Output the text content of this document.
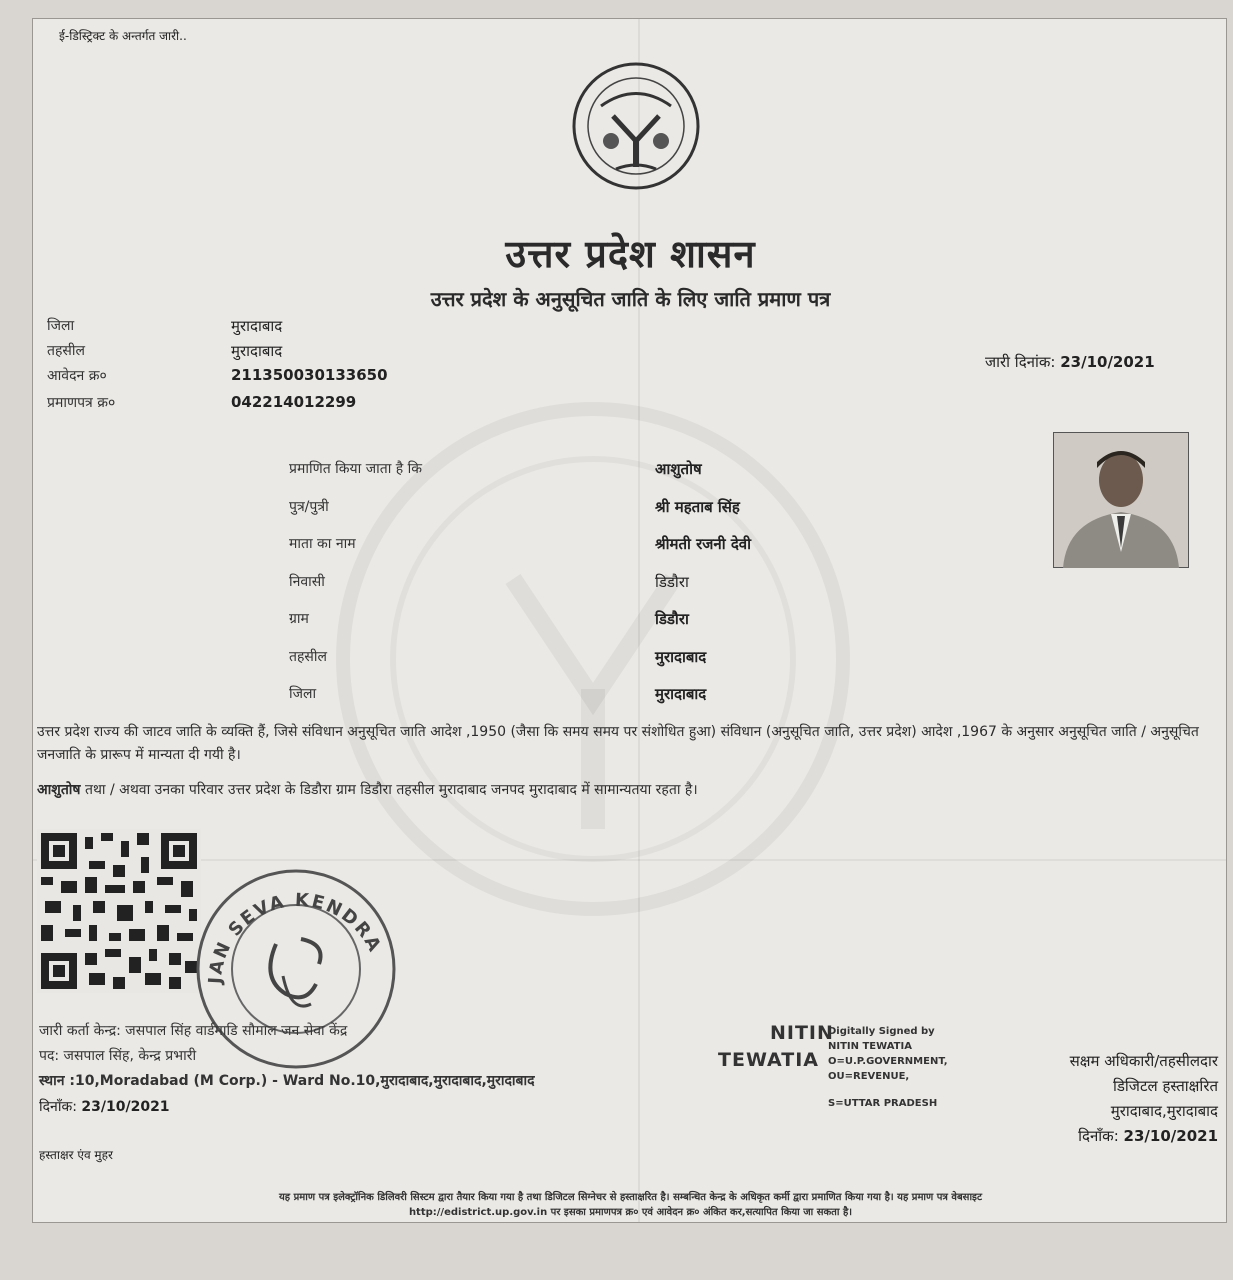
ई-डिस्ट्रिक्ट के अन्तर्गत जारी..
उत्तर प्रदेश शासन
उत्तर प्रदेश के अनुसूचित जाति के लिए जाति प्रमाण पत्र
जिला	मुरादाबाद
तहसील	मुरादाबाद
आवेदन क्र०	211350030133650
प्रमाणपत्र क्र०	042214012299
जारी दिनांक: 23/10/2021
प्रमाणित किया जाता है कि	आशुतोष
पुत्र/पुत्री	श्री महताब सिंह
माता का नाम	श्रीमती रजनी देवी
निवासी	डिडौरा
ग्राम	डिडौरा
तहसील	मुरादाबाद
जिला	मुरादाबाद
उत्तर प्रदेश राज्य की जाटव जाति के व्यक्ति हैं, जिसे संविधान अनुसूचित जाति आदेश ,1950 (जैसा कि समय समय पर संशोधित हुआ) संविधान (अनुसूचित जाति, उत्तर प्रदेश) आदेश ,1967 के अनुसार अनुसूचित जाति / अनुसूचित जनजाति के प्रारूप में मान्यता दी गयी है।
आशुतोष तथा / अथवा उनका परिवार उत्तर प्रदेश के डिडौरा ग्राम डिडौरा तहसील मुरादाबाद जनपद मुरादाबाद में सामान्यतया रहता है।
JAN SEVA KENDRA
जारी कर्ता केन्द्र: जसपाल सिंह वार्डमाडि सौमाल जन सेवा केंद्र
पद: जसपाल सिंह, केन्द्र प्रभारी
स्थान :10,Moradabad (M Corp.) - Ward No.10,मुरादाबाद,मुरादाबाद,मुरादाबाद
दिनाँक: 23/10/2021
हस्ताक्षर एंव मुहर
NITIN
TEWATIA
Digitally Signed by
NITIN TEWATIA
O=U.P.GOVERNMENT,
OU=REVENUE,
S=UTTAR PRADESH
सक्षम अधिकारी/तहसीलदार
डिजिटल हस्ताक्षरित
मुरादाबाद,मुरादाबाद
दिनाँक: 23/10/2021
यह प्रमाण पत्र इलेक्ट्रॉनिक डिलिवरी सिस्टम द्वारा तैयार किया गया है तथा डिजिटल सिग्नेचर से हस्ताक्षरित है। सम्बन्धित केन्द्र के अधिकृत कर्मी द्वारा प्रमाणित किया गया है। यह प्रमाण पत्र वेबसाइट
http://edistrict.up.gov.in पर इसका प्रमाणपत्र क्र० एवं आवेदन क्र० अंकित कर,सत्यापित किया जा सकता है।
